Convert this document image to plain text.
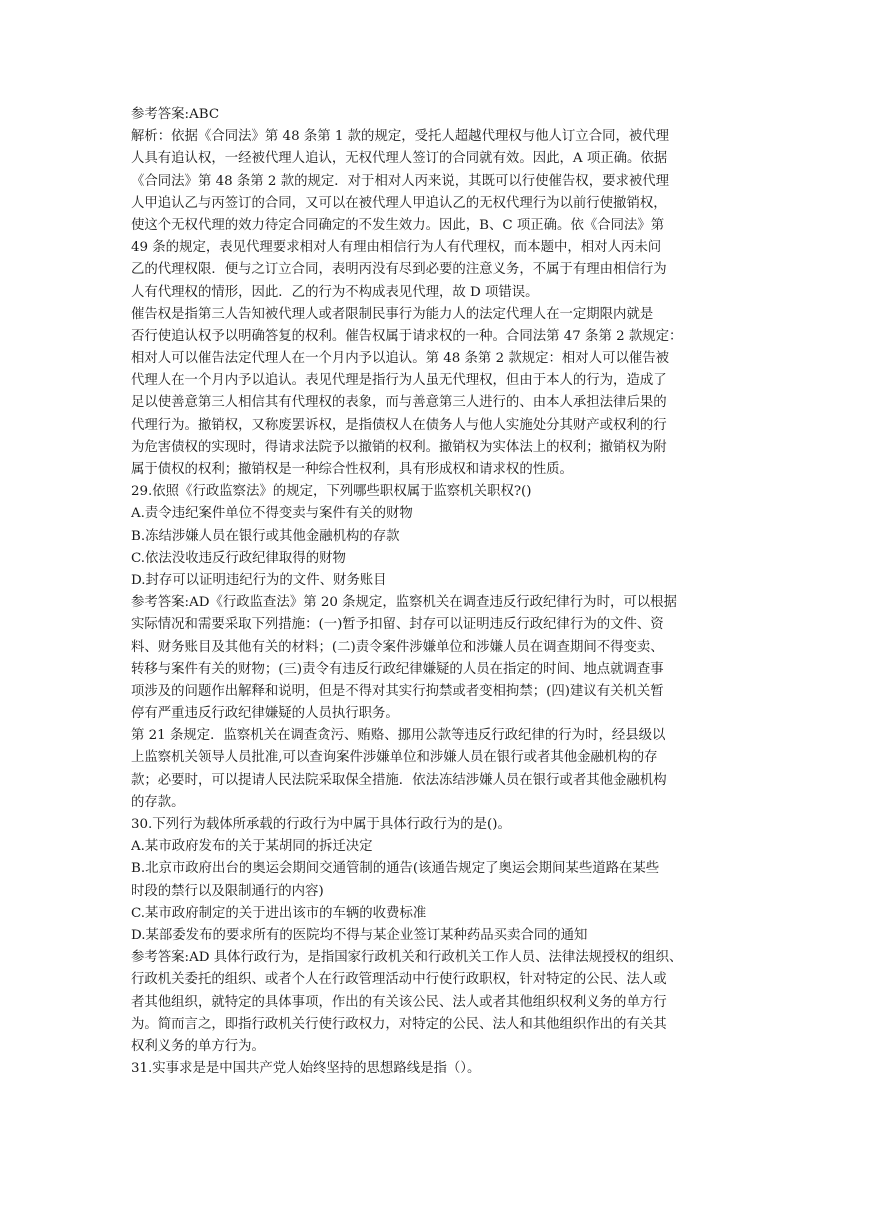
参考答案:ABC
解析：依据《合同法》第 48 条第 1 款的规定，受托人超越代理权与他人订立合同，被代理
人具有追认权，一经被代理人追认，无权代理人签订的合同就有效。因此，A 项正确。依据
《合同法》第 48 条第 2 款的规定．对于相对人丙来说，其既可以行使催告权，要求被代理
人甲追认乙与丙签订的合同，又可以在被代理人甲追认乙的无权代理行为以前行使撤销权，
使这个无权代理的效力待定合同确定的不发生效力。因此，B、C 项正确。依《合同法》第
49 条的规定，表见代理要求相对人有理由相信行为人有代理权，而本题中，相对人丙未问
乙的代理权限．便与之订立合同，表明丙没有尽到必要的注意义务，不属于有理由相信行为
人有代理权的情形，因此．乙的行为不构成表见代理，故 D 项错误。
催告权是指第三人告知被代理人或者限制民事行为能力人的法定代理人在一定期限内就是
否行使追认权予以明确答复的权利。催告权属于请求权的一种。合同法第 47 条第 2 款规定：
相对人可以催告法定代理人在一个月内予以追认。第 48 条第 2 款规定：相对人可以催告被
代理人在一个月内予以追认。表见代理是指行为人虽无代理权，但由于本人的行为，造成了
足以使善意第三人相信其有代理权的表象，而与善意第三人进行的、由本人承担法律后果的
代理行为。撤销权，又称废罢诉权，是指债权人在债务人与他人实施处分其财产或权利的行
为危害债权的实现时，得请求法院予以撤销的权利。撤销权为实体法上的权利；撤销权为附
属于债权的权利；撤销权是一种综合性权利，具有形成权和请求权的性质。
29.依照《行政监察法》的规定，下列哪些职权属于监察机关职权?()
A.责令违纪案件单位不得变卖与案件有关的财物
B.冻结涉嫌人员在银行或其他金融机构的存款
C.依法没收违反行政纪律取得的财物
D.封存可以证明违纪行为的文件、财务账目
参考答案:AD《行政监查法》第 20 条规定，监察机关在调查违反行政纪律行为时，可以根据
实际情况和需要采取下列措施：(一)暂予扣留、封存可以证明违反行政纪律行为的文件、资
料、财务账目及其他有关的材料；(二)责令案件涉嫌单位和涉嫌人员在调查期间不得变卖、
转移与案件有关的财物；(三)责令有违反行政纪律嫌疑的人员在指定的时间、地点就调查事
项涉及的问题作出解释和说明，但是不得对其实行拘禁或者变相拘禁；(四)建议有关机关暂
停有严重违反行政纪律嫌疑的人员执行职务。
第 21 条规定．监察机关在调查贪污、贿赂、挪用公款等违反行政纪律的行为时，经县级以
上监察机关领导人员批准,可以查询案件涉嫌单位和涉嫌人员在银行或者其他金融机构的存
款；必要时，可以提请人民法院采取保全措施．依法冻结涉嫌人员在银行或者其他金融机构
的存款。
30.下列行为载体所承载的行政行为中属于具体行政行为的是()。
A.某市政府发布的关于某胡同的拆迁决定
B.北京市政府出台的奥运会期间交通管制的通告(该通告规定了奥运会期间某些道路在某些
时段的禁行以及限制通行的内容)
C.某市政府制定的关于进出该市的车辆的收费标准
D.某部委发布的要求所有的医院均不得与某企业签订某种药品买卖合同的通知
参考答案:AD 具体行政行为，是指国家行政机关和行政机关工作人员、法律法规授权的组织、
行政机关委托的组织、或者个人在行政管理活动中行使行政职权，针对特定的公民、法人或
者其他组织，就特定的具体事项，作出的有关该公民、法人或者其他组织权利义务的单方行
为。简而言之，即指行政机关行使行政权力，对特定的公民、法人和其他组织作出的有关其
权利义务的单方行为。
31.实事求是是中国共产党人始终坚持的思想路线是指（）。
